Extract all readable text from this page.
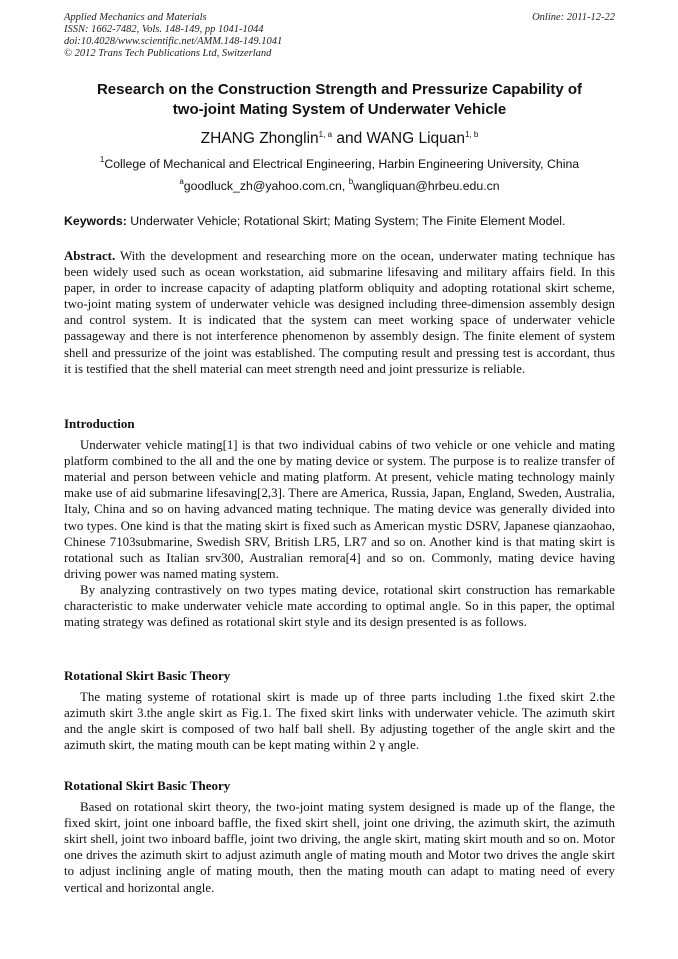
Applied Mechanics and Materials
ISSN: 1662-7482, Vols. 148-149, pp 1041-1044
doi:10.4028/www.scientific.net/AMM.148-149.1041
© 2012 Trans Tech Publications Ltd, Switzerland
Online: 2011-12-22
Research on the Construction Strength and Pressurize Capability of
two-joint Mating System of Underwater Vehicle
ZHANG Zhonglin$^{1, a}$ and WANG Liquan$^{1, b}$
$^1$College of Mechanical and Electrical Engineering, Harbin Engineering University, China
$^a$goodluck_zh@yahoo.com.cn, $^b$wangliquan@hrbeu.edu.cn
Keywords: Underwater Vehicle; Rotational Skirt; Mating System; The Finite Element Model.

Abstract. With the development and researching more on the ocean, underwater mating technique has been widely used such as ocean workstation, aid submarine lifesaving and military affairs field. In this paper, in order to increase capacity of adapting platform obliquity and adopting rotational skirt scheme, two-joint mating system of underwater vehicle was designed including three-dimension assembly design and control system. It is indicated that the system can meet working space of underwater vehicle passageway and there is not interference phenomenon by assembly design. The finite element of system shell and pressurize of the joint was established. The computing result and pressing test is accordant, thus it is testified that the shell material can meet strength need and joint pressurize is reliable.

Introduction

Underwater vehicle mating[1] is that two individual cabins of two vehicle or one vehicle and mating platform combined to the all and the one by mating device or system. The purpose is to realize transfer of material and person between vehicle and mating platform. At present, vehicle mating technology mainly make use of aid submarine lifesaving[2,3]. There are America, Russia, Japan, England, Sweden, Australia, Italy, China and so on having advanced mating technique. The mating device was generally divided into two types. One kind is that the mating skirt is fixed such as American mystic DSRV, Japanese qianzaohao, Chinese 7103submarine, Swedish SRV, British LR5, LR7 and so on. Another kind is that mating skirt is rotational such as Italian srv300, Australian remora[4] and so on. Commonly, mating device having driving power was named mating system.

By analyzing contrastively on two types mating device, rotational skirt construction has remarkable characteristic to make underwater vehicle mate according to optimal angle. So in this paper, the optimal mating strategy was defined as rotational skirt style and its design presented is as follows.

Rotational Skirt Basic Theory

The mating systeme of rotational skirt is made up of three parts including 1.the fixed skirt 2.the azimuth skirt 3.the angle skirt as Fig.1. The fixed skirt links with underwater vehicle. The azimuth skirt and the angle skirt is composed of two half ball shell. By adjusting together of the angle skirt and the azimuth skirt, the mating mouth can be kept mating within 2 γ angle.

Rotational Skirt Basic Theory

Based on rotational skirt theory, the two-joint mating system designed is made up of the flange, the fixed skirt, joint one inboard baffle, the fixed skirt shell, joint one driving, the azimuth skirt, the azimuth skirt shell, joint two inboard baffle, joint two driving, the angle skirt, mating skirt mouth and so on. Motor one drives the azimuth skirt to adjust azimuth angle of mating mouth and Motor two drives the angle skirt to adjust inclining angle of mating mouth, then the mating mouth can adapt to mating need of every vertical and horizontal angle.
